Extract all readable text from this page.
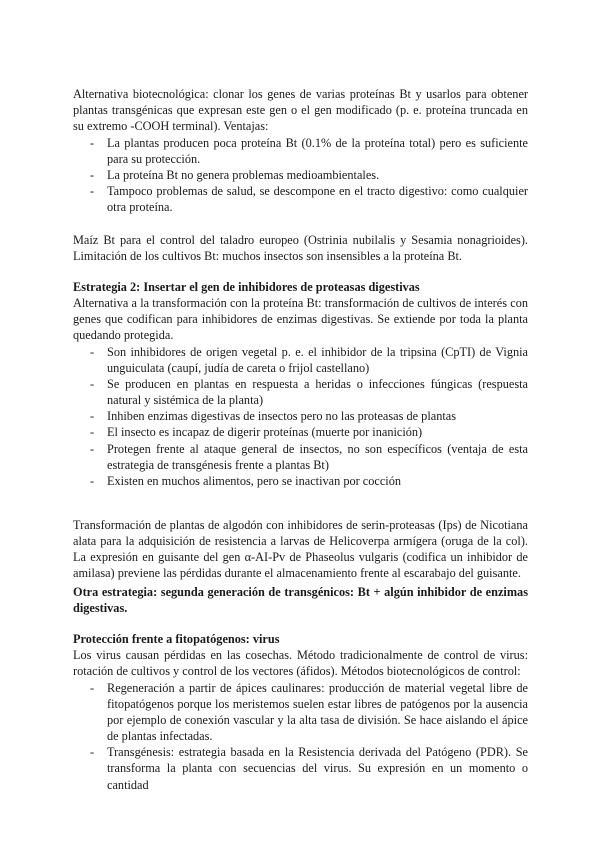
Alternativa biotecnológica: clonar los genes de varias proteínas Bt y usarlos para obtener plantas transgénicas que expresan este gen o el gen modificado (p. e. proteína truncada en su extremo -COOH terminal). Ventajas:

- La plantas producen poca proteína Bt (0.1% de la proteína total) pero es suficiente para su protección.
- La proteína Bt no genera problemas medioambientales.
- Tampoco problemas de salud, se descompone en el tracto digestivo: como cualquier otra proteína.

Maíz Bt para el control del taladro europeo (Ostrinia nubilalis y Sesamia nonagrioides). Limitación de los cultivos Bt: muchos insectos son insensibles a la proteína Bt.

Estrategia 2: Insertar el gen de inhibidores de proteasas digestivas

Alternativa a la transformación con la proteína Bt: transformación de cultivos de interés con genes que codifican para inhibidores de enzimas digestivas. Se extiende por toda la planta quedando protegida.

- Son inhibidores de origen vegetal p. e. el inhibidor de la tripsina (CpTI) de Vignia unguiculata (caupí, judía de careta o frijol castellano)
- Se producen en plantas en respuesta a heridas o infecciones fúngicas (respuesta natural y sistémica de la planta)
- Inhiben enzimas digestivas de insectos pero no las proteasas de plantas
- El insecto es incapaz de digerir proteínas (muerte por inanición)
- Protegen frente al ataque general de insectos, no son específicos (ventaja de esta estrategia de transgénesis frente a plantas Bt)
- Existen en muchos alimentos, pero se inactivan por cocción

Transformación de plantas de algodón con inhibidores de serin-proteasas (Ips) de Nicotiana alata para la adquisición de resistencia a larvas de Helicoverpa armígera (oruga de la col). La expresión en guisante del gen α-AI-Pv de Phaseolus vulgaris (codifica un inhibidor de amilasa) previene las pérdidas durante el almacenamiento frente al escarabajo del guisante.

Otra estrategia: segunda generación de transgénicos: Bt + algún inhibidor de enzimas digestivas.
Protección frente a fitopatógenos: virus

Los virus causan pérdidas en las cosechas. Método tradicionalmente de control de virus: rotación de cultivos y control de los vectores (áfidos). Métodos biotecnológicos de control:

- Regeneración a partir de ápices caulinares: producción de material vegetal libre de fitopatógenos porque los meristemos suelen estar libres de patógenos por la ausencia por ejemplo de conexión vascular y la alta tasa de división. Se hace aislando el ápice de plantas infectadas.
- Transgénesis: estrategia basada en la Resistencia derivada del Patógeno (PDR). Se transforma la planta con secuencias del virus. Su expresión en un momento o cantidad
